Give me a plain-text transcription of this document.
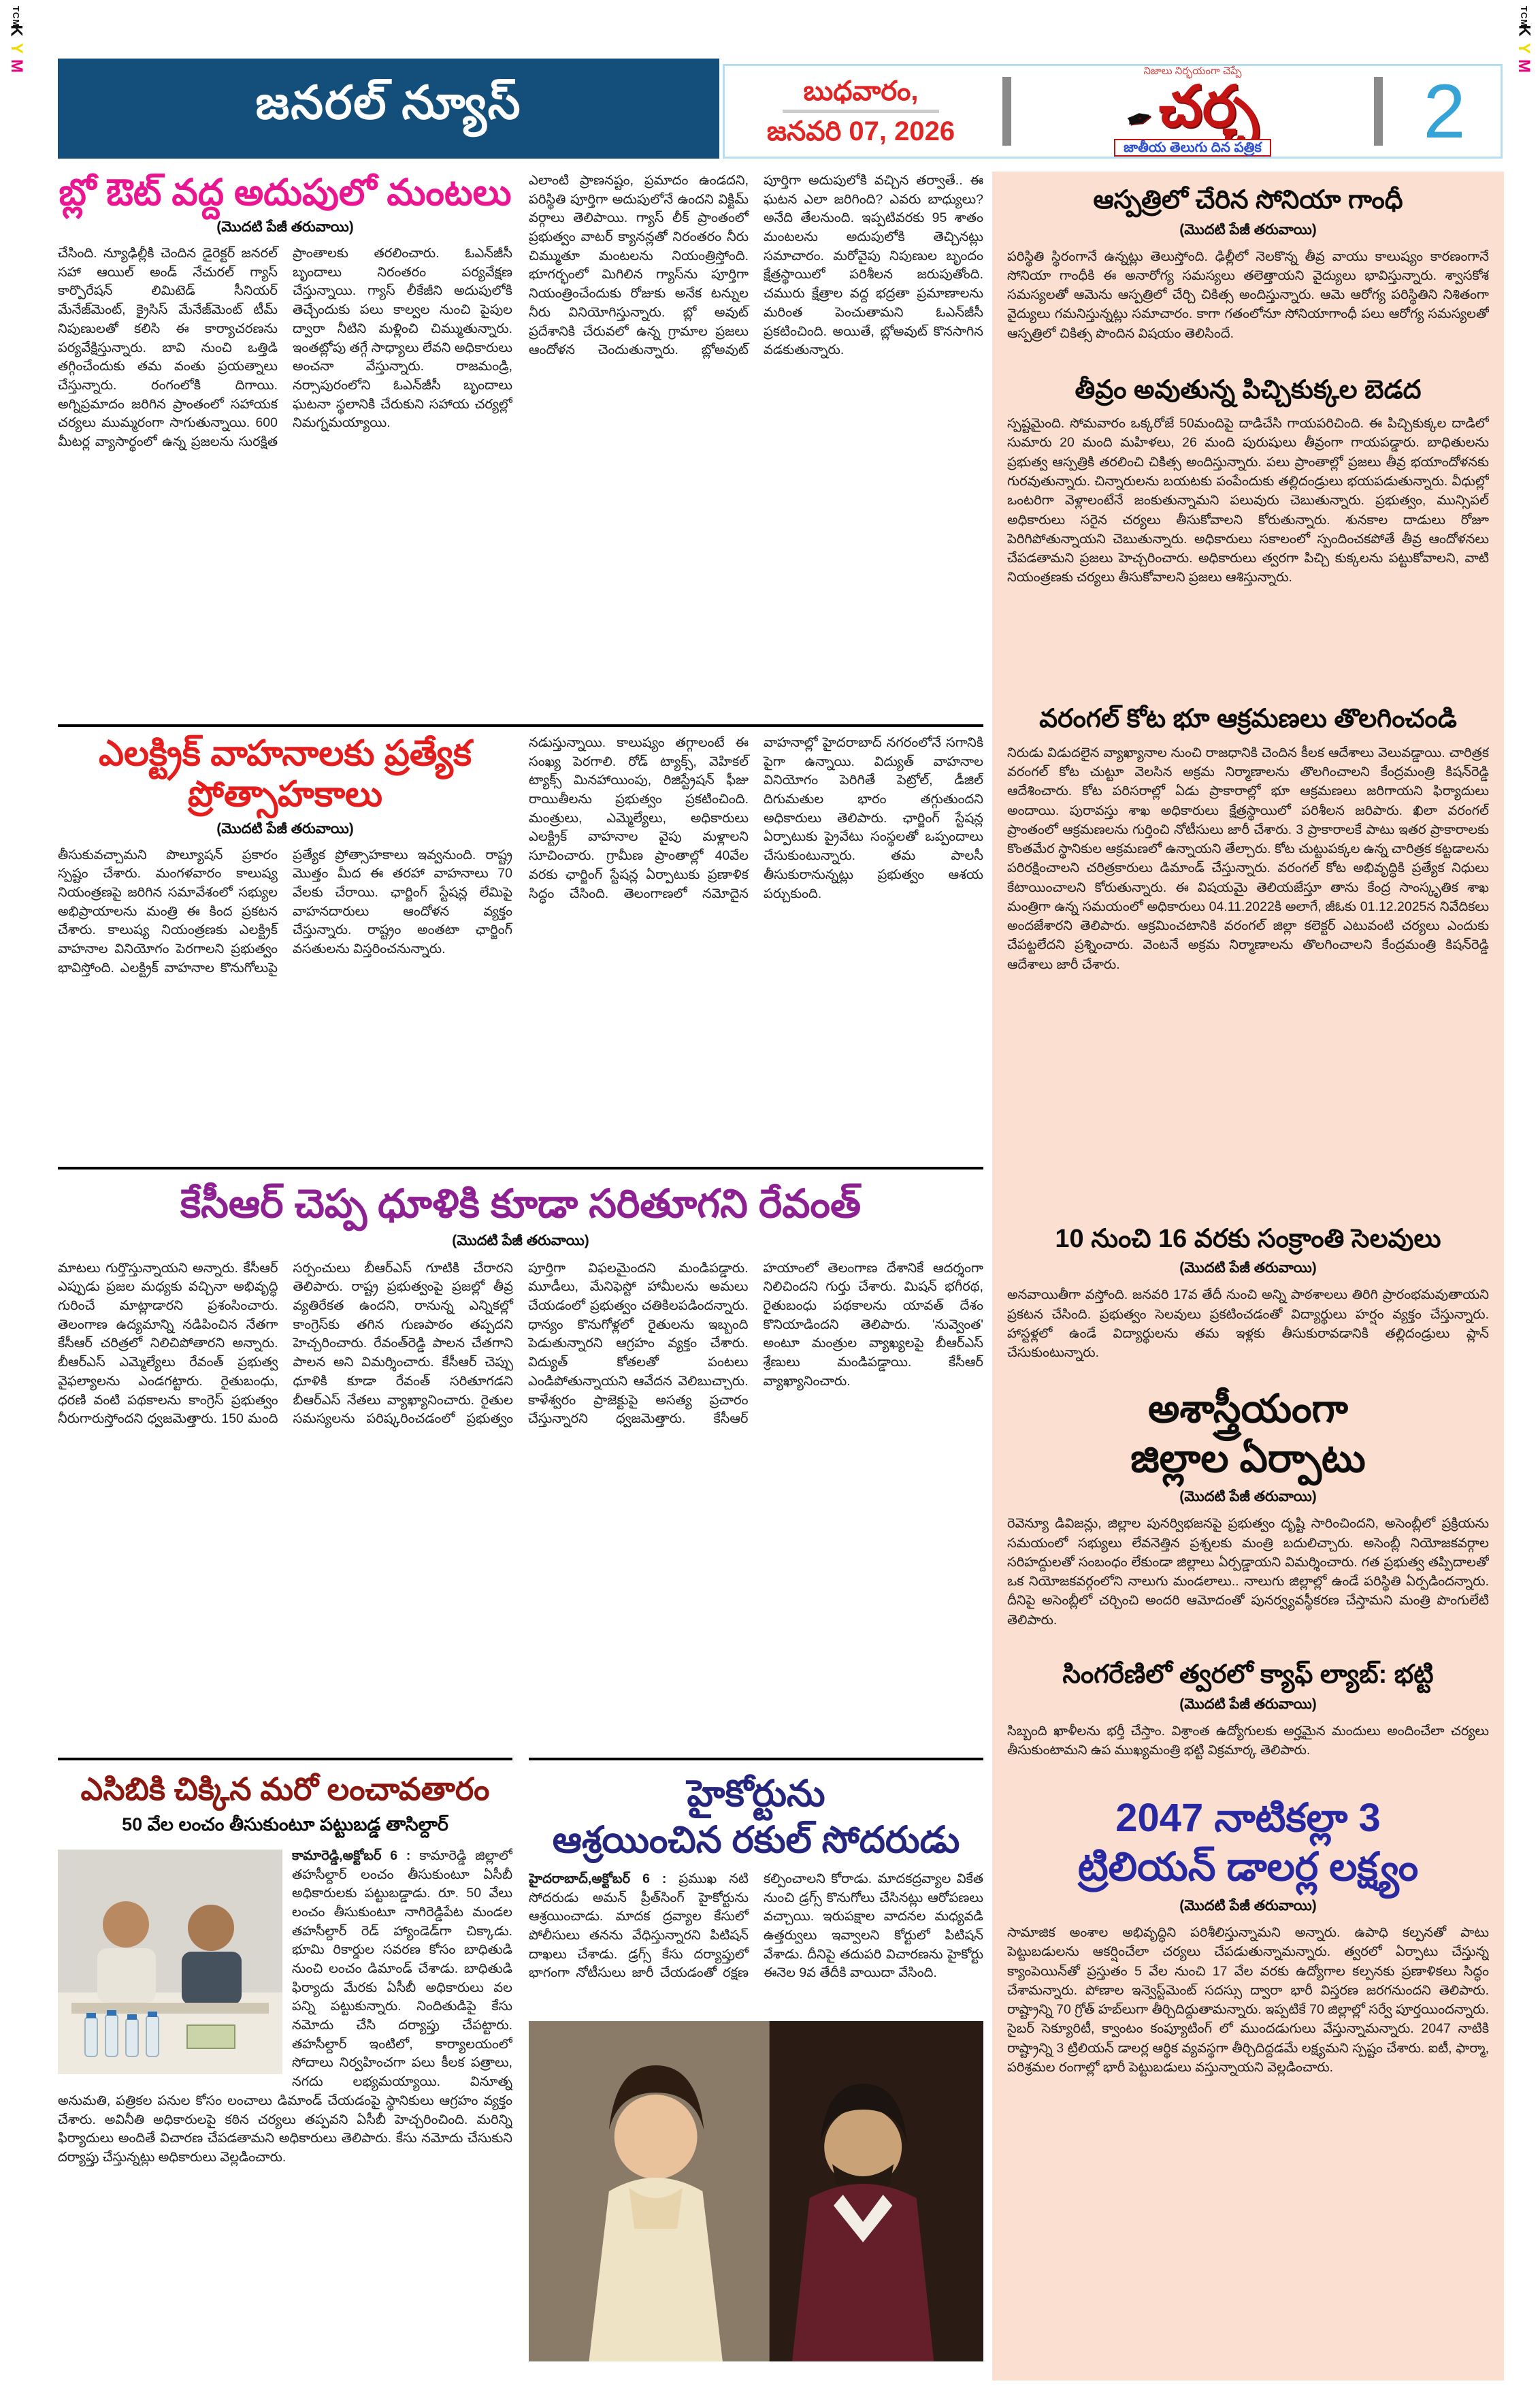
TCM
K
Y
M
TCM
K
Y
M
జనరల్ న్యూస్	బుధవారం,
జనవరి 07, 2026
నిజాలు నిర్భయంగా చెప్పే
✒ చర్చ
జాతీయ తెలుగు దిన పత్రిక	2
బ్లో ఔట్ వద్ద అదుపులో మంటలు
(మొదటి పేజీ తరువాయి)
చేసింది. న్యూఢిల్లీకి చెందిన డైరెక్టర్ జనరల్ సహా ఆయిల్ అండ్ నేచురల్ గ్యాస్ కార్పొరేషన్ లిమిటెడ్ సీనియర్ మేనేజ్‌మెంట్, క్రైసిస్ మేనేజ్‌మెంట్ టీమ్ నిపుణులతో కలిసి ఈ కార్యాచరణను పర్యవేక్షిస్తున్నారు. బావి నుంచి ఒత్తిడి తగ్గించేందుకు తమ వంతు ప్రయత్నాలు చేస్తున్నారు. రంగంలోకి దిగాయి. అగ్నిప్రమాదం జరిగిన ప్రాంతంలో సహాయక చర్యలు ముమ్మరంగా సాగుతున్నాయి. 600 మీటర్ల వ్యాసార్థంలో ఉన్న ప్రజలను సురక్షిత ప్రాంతాలకు తరలించారు. ఓఎన్‌జీసీ బృందాలు నిరంతరం పర్యవేక్షణ చేస్తున్నాయి. గ్యాస్ లీకేజీని అదుపులోకి తెచ్చేందుకు పలు కాల్వల నుంచి పైపుల ద్వారా నీటిని మళ్లించి చిమ్ముతున్నారు. ఇంతట్లోపు తగ్గే సాధ్యాలు లేవని అధికారులు అంచనా వేస్తున్నారు. రాజమండ్రి, నర్సాపురంలోని ఓఎన్‌జీసీ బృందాలు ఘటనా స్థలానికి చేరుకుని సహాయ చర్యల్లో నిమగ్నమయ్యాయి.
ఎలాంటి ప్రాణనష్టం, ప్రమాదం ఉండదని, పరిస్థితి పూర్తిగా అదుపులోనే ఉందని విక్టిమ్ వర్గాలు తెలిపాయి. గ్యాస్ లీక్ ప్రాంతంలో ప్రభుత్వం వాటర్ క్యానన్లతో నిరంతరం నీరు చిమ్ముతూ మంటలను నియంత్రిస్తోంది. భూగర్భంలో మిగిలిన గ్యాస్‌ను పూర్తిగా నియంత్రించేందుకు రోజుకు అనేక టన్నుల నీరు వినియోగిస్తున్నారు. బ్లో అవుట్ ప్రదేశానికి చేరువలో ఉన్న గ్రామాల ప్రజలు ఆందోళన చెందుతున్నారు. బ్లోఅవుట్ పూర్తిగా అదుపులోకి వచ్చిన తర్వాతే.. ఈ ఘటన ఎలా జరిగింది? ఎవరు బాధ్యులు? అనేది తేలనుంది. ఇప్పటివరకు 95 శాతం మంటలను అదుపులోకి తెచ్చినట్లు సమాచారం. మరోవైపు నిపుణుల బృందం క్షేత్రస్థాయిలో పరిశీలన జరుపుతోంది. చమురు క్షేత్రాల వద్ద భద్రతా ప్రమాణాలను మరింత పెంచుతామని ఓఎన్‌జీసీ ప్రకటించింది. అయితే, బ్లోఅవుట్ కొనసాగిన వడకుతున్నారు.
ఎలక్ట్రిక్ వాహనాలకు ప్రత్యేక ప్రోత్సాహకాలు
(మొదటి పేజీ తరువాయి)
తీసుకువచ్చామని పొల్యూషన్ ప్రకారం స్పష్టం చేశారు. మంగళవారం కాలుష్య నియంత్రణపై జరిగిన సమావేశంలో సభ్యుల అభిప్రాయాలను మంత్రి ఈ కింద ప్రకటన చేశారు. కాలుష్య నియంత్రణకు ఎలక్ట్రిక్ వాహనాల వినియోగం పెరగాలని ప్రభుత్వం భావిస్తోంది. ఎలక్ట్రిక్ వాహనాల కొనుగోలుపై ప్రత్యేక ప్రోత్సాహకాలు ఇవ్వనుంది. రాష్ట్ర మొత్తం మీద ఈ తరహా వాహనాలు 70 వేలకు చేరాయి. ఛార్జింగ్ స్టేషన్ల లేమిపై వాహనదారులు ఆందోళన వ్యక్తం చేస్తున్నారు. రాష్ట్రం అంతటా ఛార్జింగ్ వసతులను విస్తరించనున్నారు.
నడుస్తున్నాయి. కాలుష్యం తగ్గాలంటే ఈ సంఖ్య పెరగాలి. రోడ్ ట్యాక్స్, వెహికల్ ట్యాక్స్ మినహాయింపు, రిజిస్ట్రేషన్ ఫీజు రాయితీలను ప్రభుత్వం ప్రకటించింది. మంత్రులు, ఎమ్మెల్యేలు, అధికారులు ఎలక్ట్రిక్ వాహనాల వైపు మళ్లాలని సూచించారు. గ్రామీణ ప్రాంతాల్లో 40వేల వరకు ఛార్జింగ్ స్టేషన్ల ఏర్పాటుకు ప్రణాళిక సిద్ధం చేసింది. తెలంగాణలో నమోదైన వాహనాల్లో హైదరాబాద్ నగరంలోనే సగానికి పైగా ఉన్నాయి. విద్యుత్ వాహనాల వినియోగం పెరిగితే పెట్రోల్, డీజిల్ దిగుమతుల భారం తగ్గుతుందని అధికారులు తెలిపారు. ఛార్జింగ్ స్టేషన్ల ఏర్పాటుకు ప్రైవేటు సంస్థలతో ఒప్పందాలు చేసుకుంటున్నారు. తమ పాలసీ తీసుకురానున్నట్లు ప్రభుత్వం ఆశయ పర్చుకుంది.
కేసీఆర్ చెప్ప ధూళికి కూడా సరితూగని రేవంత్
(మొదటి పేజీ తరువాయి)
మాటలు గుర్తొస్తున్నాయని అన్నారు. కేసీఆర్ ఎప్పుడు ప్రజల మధ్యకు వచ్చినా అభివృద్ధి గురించే మాట్లాడారని ప్రశంసించారు. తెలంగాణ ఉద్యమాన్ని నడిపించిన నేతగా కేసీఆర్ చరిత్రలో నిలిచిపోతారని అన్నారు. బీఆర్ఎస్ ఎమ్మెల్యేలు రేవంత్ ప్రభుత్వ వైఫల్యాలను ఎండగట్టారు. రైతుబంధు, ధరణి వంటి పథకాలను కాంగ్రెస్ ప్రభుత్వం నీరుగారుస్తోందని ధ్వజమెత్తారు. 150 మంది సర్పంచులు బీఆర్ఎస్ గూటికి చేరారని తెలిపారు. రాష్ట్ర ప్రభుత్వంపై ప్రజల్లో తీవ్ర వ్యతిరేకత ఉందని, రానున్న ఎన్నికల్లో కాంగ్రెస్‌కు తగిన గుణపాఠం తప్పదని హెచ్చరించారు. రేవంత్‌రెడ్డి పాలన చేతగాని పాలన అని విమర్శించారు. కేసీఆర్ చెప్పు ధూళికి కూడా రేవంత్ సరితూగడని బీఆర్ఎస్ నేతలు వ్యాఖ్యానించారు. రైతుల సమస్యలను పరిష్కరించడంలో ప్రభుత్వం పూర్తిగా విఫలమైందని మండిపడ్డారు. మూడీలు, మేనిఫెస్టో హామీలను అమలు చేయడంలో ప్రభుత్వం చతికిలపడిందన్నారు. ధాన్యం కొనుగోళ్లలో రైతులను ఇబ్బంది పెడుతున్నారని ఆగ్రహం వ్యక్తం చేశారు. విద్యుత్ కోతలతో పంటలు ఎండిపోతున్నాయని ఆవేదన వెలిబుచ్చారు. కాళేశ్వరం ప్రాజెక్టుపై అసత్య ప్రచారం చేస్తున్నారని ధ్వజమెత్తారు. కేసీఆర్ హయాంలో తెలంగాణ దేశానికే ఆదర్శంగా నిలిచిందని గుర్తు చేశారు. మిషన్ భగీరథ, రైతుబంధు పథకాలను యావత్ దేశం కొనియాడిందని తెలిపారు. 'నువ్వెంత' అంటూ మంత్రుల వ్యాఖ్యలపై బీఆర్ఎస్ శ్రేణులు మండిపడ్డాయి. కేసీఆర్ వ్యాఖ్యానించారు.
ఎసిబికి చిక్కిన మరో లంచావతారం
50 వేల లంచం తీసుకుంటూ పట్టుబడ్డ తాసిల్దార్
కామారెడ్డి,అక్టోబర్ 6 : కామారెడ్డి జిల్లాలో తహసీల్దార్ లంచం తీసుకుంటూ ఏసీబీ అధికారులకు పట్టుబడ్డాడు. రూ. 50 వేలు లంచం తీసుకుంటూ నాగిరెడ్డిపేట మండల తహసీల్దార్ రెడ్ హ్యాండెడ్‌గా చిక్కాడు. భూమి రికార్డుల సవరణ కోసం బాధితుడి నుంచి లంచం డిమాండ్ చేశాడు. బాధితుడి ఫిర్యాదు మేరకు ఏసీబీ అధికారులు వల పన్ని పట్టుకున్నారు. నిందితుడిపై కేసు నమోదు చేసి దర్యాప్తు చేపట్టారు. తహసీల్దార్ ఇంటిలో, కార్యాలయంలో సోదాలు నిర్వహించగా పలు కీలక పత్రాలు, నగదు లభ్యమయ్యాయి. వినూత్న అనుమతి, పత్రికల పనుల కోసం లంచాలు డిమాండ్ చేయడంపై స్థానికులు ఆగ్రహం వ్యక్తం చేశారు. అవినీతి అధికారులపై కఠిన చర్యలు తప్పవని ఏసీబీ హెచ్చరించింది. మరిన్ని ఫిర్యాదులు అందితే విచారణ చేపడతామని అధికారులు తెలిపారు. కేసు నమోదు చేసుకుని దర్యాప్తు చేస్తున్నట్లు అధికారులు వెల్లడించారు.
హైకోర్టును
ఆశ్రయించిన రకుల్ సోదరుడు
హైదరాబాద్,అక్టోబర్ 6 : ప్రముఖ నటి సోదరుడు అమన్ ప్రీత్‌సింగ్ హైకోర్టును ఆశ్రయించాడు. మాదక ద్రవ్యాల కేసులో పోలీసులు తనను వేధిస్తున్నారని పిటిషన్ దాఖలు చేశాడు. డ్రగ్స్ కేసు దర్యాప్తులో భాగంగా నోటీసులు జారీ చేయడంతో రక్షణ కల్పించాలని కోరాడు. మాదకద్రవ్యాల వికేత నుంచి డ్రగ్స్ కొనుగోలు చేసినట్లు ఆరోపణలు వచ్చాయి. ఇరుపక్షాల వాదనల మధ్యవడి ఉత్తర్వులు ఇవ్వాలని కోర్టులో పిటిషన్ వేశాడు. దీనిపై తదుపరి విచారణను హైకోర్టు ఈనెల 9వ తేదీకి వాయిదా వేసింది.
ఆస్పత్రిలో చేరిన సోనియా గాంధీ
(మొదటి పేజీ తరువాయి)
పరిస్థితి స్థిరంగానే ఉన్నట్లు తెలుస్తోంది. ఢిల్లీలో నెలకొన్న తీవ్ర వాయు కాలుష్యం కారణంగానే సోనియా గాంధీకి ఈ అనారోగ్య సమస్యలు తలెత్తాయని వైద్యులు భావిస్తున్నారు. శ్వాసకోశ సమస్యలతో ఆమెను ఆస్పత్రిలో చేర్చి చికిత్స అందిస్తున్నారు. ఆమె ఆరోగ్య పరిస్థితిని నిశితంగా వైద్యులు గమనిస్తున్నట్లు సమాచారం. కాగా గతంలోనూ సోనియాగాంధీ పలు ఆరోగ్య సమస్యలతో ఆస్పత్రిలో చికిత్స పొందిన విషయం తెలిసిందే.
తీవ్రం అవుతున్న పిచ్చికుక్కల బెడద
స్పష్టమైంది. సోమవారం ఒక్కరోజే 50మందిపై దాడిచేసి గాయపరిచింది. ఈ పిచ్చికుక్కల దాడిలో సుమారు 20 మంది మహిళలు, 26 మంది పురుషులు తీవ్రంగా గాయపడ్డారు. బాధితులను ప్రభుత్వ ఆస్పత్రికి తరలించి చికిత్స అందిస్తున్నారు. పలు ప్రాంతాల్లో ప్రజలు తీవ్ర భయాందోళనకు గురవుతున్నారు. చిన్నారులను బయటకు పంపేందుకు తల్లిదండ్రులు భయపడుతున్నారు. వీధుల్లో ఒంటరిగా వెళ్లాలంటేనే జంకుతున్నామని పలువురు చెబుతున్నారు. ప్రభుత్వం, మున్సిపల్ అధికారులు సరైన చర్యలు తీసుకోవాలని కోరుతున్నారు. శునకాల దాడులు రోజూ పెరిగిపోతున్నాయని చెబుతున్నారు. అధికారులు సకాలంలో స్పందించకపోతే తీవ్ర ఆందోళనలు చేపడతామని ప్రజలు హెచ్చరించారు. అధికారులు త్వరగా పిచ్చి కుక్కలను పట్టుకోవాలని, వాటి నియంత్రణకు చర్యలు తీసుకోవాలని ప్రజలు ఆశిస్తున్నారు.
వరంగల్ కోట భూ ఆక్రమణలు తొలగించండి
నిరుడు విడుదలైన వ్యాఖ్యానాల నుంచి రాజధానికి చెందిన కీలక ఆదేశాలు వెలువడ్డాయి. చారిత్రక వరంగల్ కోట చుట్టూ వెలసిన అక్రమ నిర్మాణాలను తొలగించాలని కేంద్రమంత్రి కిషన్‌రెడ్డి ఆదేశించారు. కోట పరిసరాల్లో ఏడు ప్రాకారాల్లో భూ ఆక్రమణలు జరిగాయని ఫిర్యాదులు అందాయి. పురావస్తు శాఖ అధికారులు క్షేత్రస్థాయిలో పరిశీలన జరిపారు. ఖిలా వరంగల్ ప్రాంతంలో ఆక్రమణలను గుర్తించి నోటీసులు జారీ చేశారు. 3 ప్రాకారాలకే పాటు ఇతర ప్రాకారాలకు కొంతమేర స్థానికుల ఆక్రమణలో ఉన్నాయని తేల్చారు. కోట చుట్టుపక్కల ఉన్న చారిత్రక కట్టడాలను పరిరక్షించాలని చరిత్రకారులు డిమాండ్ చేస్తున్నారు. వరంగల్ కోట అభివృద్ధికి ప్రత్యేక నిధులు కేటాయించాలని కోరుతున్నారు. ఈ విషయమై తెలియజేస్తూ తాను కేంద్ర సాంస్కృతిక శాఖ మంత్రిగా ఉన్న సమయంలో అధికారులు 04.11.2022కి అలాగే, జీఓకు 01.12.2025న నివేదికలు అందజేశారని తెలిపారు. ఆక్రమించటానికి వరంగల్ జిల్లా కలెక్టర్ ఎటువంటి చర్యలు ఎందుకు చేపట్టలేదని ప్రశ్నించారు. వెంటనే అక్రమ నిర్మాణాలను తొలగించాలని కేంద్రమంత్రి కిషన్‌రెడ్డి ఆదేశాలు జారీ చేశారు.
10 నుంచి 16 వరకు సంక్రాంతి సెలవులు
(మొదటి పేజీ తరువాయి)
అనవాయితీగా వస్తోంది. జనవరి 17వ తేదీ నుంచి అన్ని పాఠశాలలు తిరిగి ప్రారంభమవుతాయని ప్రకటన చేసింది. ప్రభుత్వం సెలవులు ప్రకటించడంతో విద్యార్థులు హర్షం వ్యక్తం చేస్తున్నారు. హాస్టళ్లలో ఉండే విద్యార్థులను తమ ఇళ్లకు తీసుకురావడానికి తల్లిదండ్రులు ప్లాన్ చేసుకుంటున్నారు.
అశాస్త్రీయంగా
జిల్లాల ఏర్పాటు
(మొదటి పేజీ తరువాయి)
రెవెన్యూ డివిజన్లు, జిల్లాల పునర్విభజనపై ప్రభుత్వం దృష్టి సారించిందని, అసెంబ్లీలో ప్రక్రియను సమయంలో సభ్యులు లేవనెత్తిన ప్రశ్నలకు మంత్రి బదులిచ్చారు. అసెంబ్లీ నియోజకవర్గాల సరిహద్దులతో సంబంధం లేకుండా జిల్లాలు ఏర్పడ్డాయని విమర్శించారు. గత ప్రభుత్వ తప్పిదాలతో ఒక నియోజకవర్గంలోని నాలుగు మండలాలు.. నాలుగు జిల్లాల్లో ఉండే పరిస్థితి ఏర్పడిందన్నారు. దీనిపై అసెంబ్లీలో చర్చించి అందరి ఆమోదంతో పునర్వ్యవస్థీకరణ చేస్తామని మంత్రి పొంగులేటి తెలిపారు.
సింగరేణిలో త్వరలో క్యాఫ్ ల్యాబ్: భట్టి
(మొదటి పేజీ తరువాయి)
సిబ్బంది ఖాళీలను భర్తీ చేస్తాం. విశ్రాంత ఉద్యోగులకు అర్హమైన మందులు అందించేలా చర్యలు తీసుకుంటామని ఉప ముఖ్యమంత్రి భట్టి విక్రమార్క తెలిపారు.
2047 నాటికల్లా 3
ట్రిలియన్ డాలర్ల లక్ష్యం
(మొదటి పేజీ తరువాయి)
సామాజిక అంశాల అభివృద్ధిని పరిశీలిస్తున్నామని అన్నారు. ఉపాధి కల్పనతో పాటు పెట్టుబడులను ఆకర్షించేలా చర్యలు చేపడుతున్నామన్నారు. త్వరలో ఏర్పాటు చేస్తున్న క్యాంపెయిన్‌తో ప్రస్తుతం 5 వేల నుంచి 17 వేల వరకు ఉద్యోగాల కల్పనకు ప్రణాళికలు సిద్ధం చేశామన్నారు. పోణాల ఇన్వెస్ట్‌మెంట్ సదస్సు ద్వారా భారీ విస్తరణ జరగనుందని తెలిపారు. రాష్ట్రాన్ని 70 గ్రోత్ హబ్‌లుగా తీర్చిదిద్దుతామన్నారు. ఇప్పటికే 70 జిల్లాల్లో సర్వే పూర్తయిందన్నారు. సైబర్ సెక్యూరిటీ, క్వాంటం కంప్యూటింగ్ లో ముందడుగులు వేస్తున్నామన్నారు. 2047 నాటికి రాష్ట్రాన్ని 3 ట్రిలియన్ డాలర్ల ఆర్థిక వ్యవస్థగా తీర్చిదిద్దడమే లక్ష్యమని స్పష్టం చేశారు. ఐటీ, ఫార్మా, పరిశ్రమల రంగాల్లో భారీ పెట్టుబడులు వస్తున్నాయని వెల్లడించారు.
